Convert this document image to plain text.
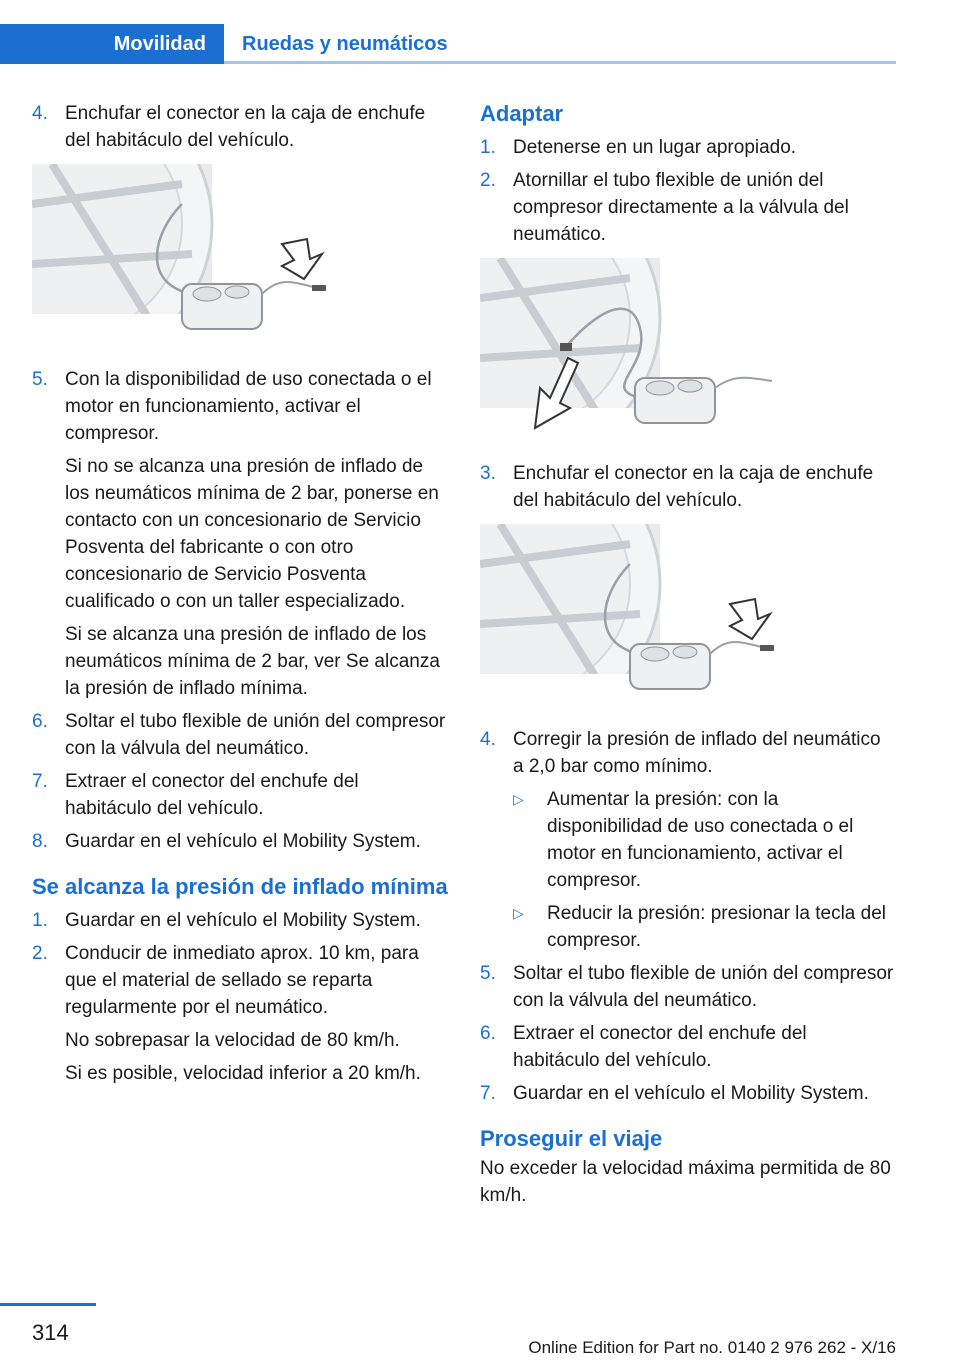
Movilidad	Ruedas y neumáticos
4. Enchufar el conector en la caja de enchufe del habitáculo del vehículo.
5. Con la disponibilidad de uso conectada o el motor en funcionamiento, activar el compresor.

Si no se alcanza una presión de inflado de los neumáticos mínima de 2 bar, ponerse en contacto con un concesionario de Servicio Posventa del fabricante o con otro concesionario de Servicio Posventa cualificado o con un taller especializado.

Si se alcanza una presión de inflado de los neumáticos mínima de 2 bar, ver Se alcanza la presión de inflado mínima.

6. Soltar el tubo flexible de unión del compresor con la válvula del neumático.
7. Extraer el conector del enchufe del habitáculo del vehículo.
8. Guardar en el vehículo el Mobility System.
Se alcanza la presión de inflado mínima
1. Guardar en el vehículo el Mobility System.
2. Conducir de inmediato aprox. 10 km, para que el material de sellado se reparta regularmente por el neumático.

No sobrepasar la velocidad de 80 km/h.

Si es posible, velocidad inferior a 20 km/h.

Adaptar
1. Detenerse en un lugar apropiado.
2. Atornillar el tubo flexible de unión del compresor directamente a la válvula del neumático.
3. Enchufar el conector en la caja de enchufe del habitáculo del vehículo.
4. Corregir la presión de inflado del neumático a 2,0 bar como mínimo.

▷	Aumentar la presión: con la disponibilidad de uso conectada o el motor en funcionamiento, activar el compresor.
▷	Reducir la presión: presionar la tecla del compresor.
5. Soltar el tubo flexible de unión del compresor con la válvula del neumático.
6. Extraer el conector del enchufe del habitáculo del vehículo.
7. Guardar en el vehículo el Mobility System.
Proseguir el viaje
No exceder la velocidad máxima permitida de 80 km/h.
314
Online Edition for Part no. 0140 2 976 262 - X/16
